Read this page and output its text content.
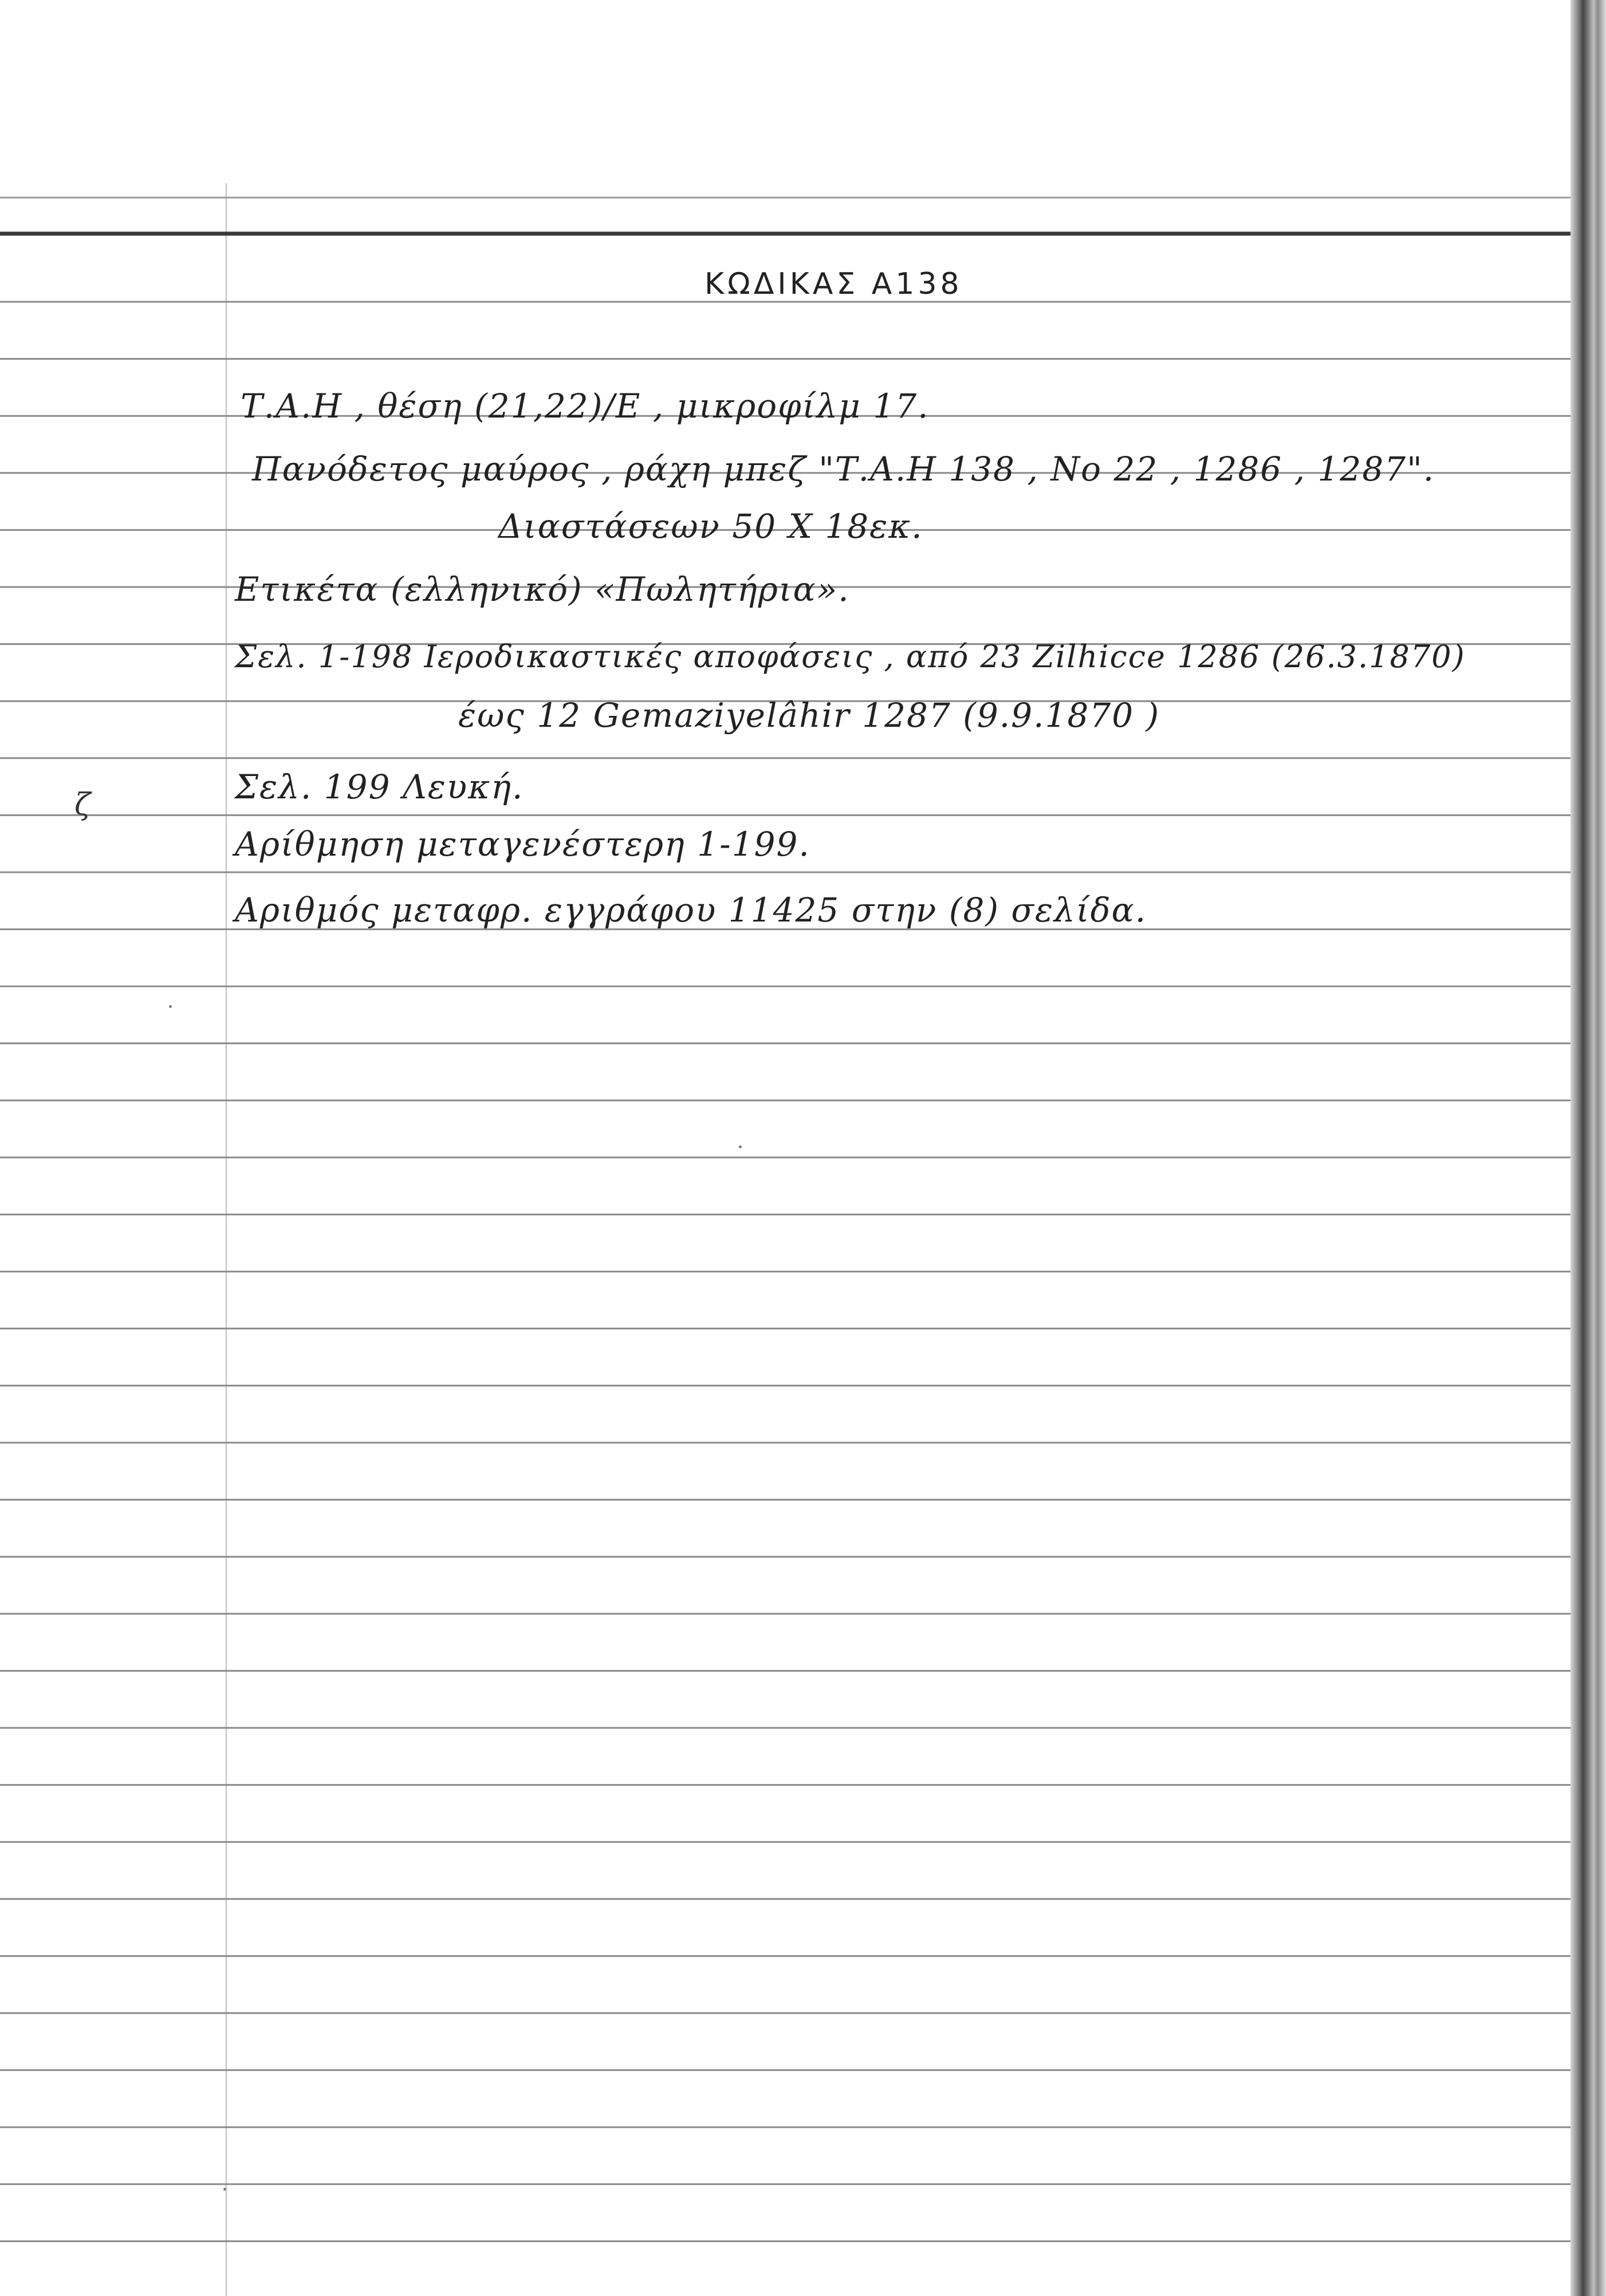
ΚΩΔΙΚΑΣ Α138
Τ.Α.Η , θέση (21,22)/Ε , μικροφίλμ 17.
Πανόδετος μαύρος , ράχη μπεζ "Τ.Α.Η 138 , Νο 22 , 1286 , 1287".
Διαστάσεων 50 X 18εκ.
Ετικέτα (ελληνικό) «Πωλητήρια».
Σελ. 1-198 Ιεροδικαστικές αποφάσεις , από 23 Zilhicce 1286 (26.3.1870)
έως 12 Gemaziyelâhir 1287 (9.9.1870 )
Σελ. 199 Λευκή.
Αρίθμηση μεταγενέστερη 1-199.
Αριθμός μεταφρ. εγγράφου 11425 στην (8) σελίδα.
ζ
